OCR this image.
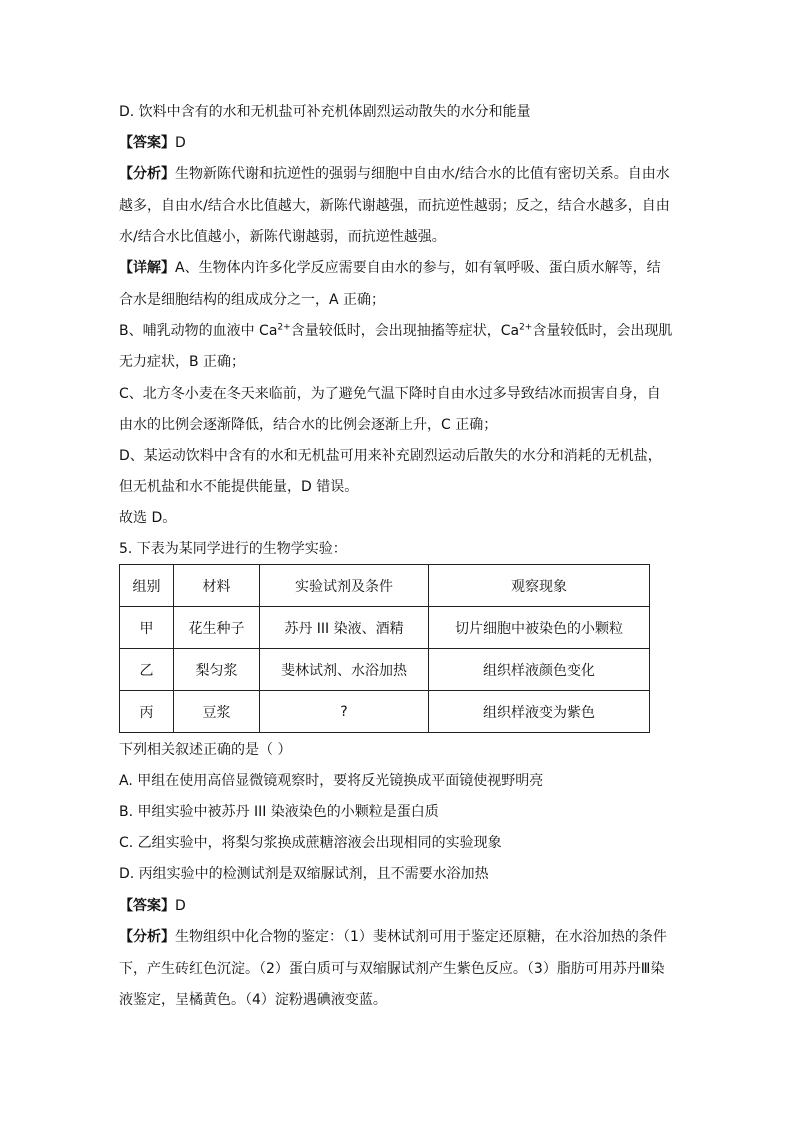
D. 饮料中含有的水和无机盐可补充机体剧烈运动散失的水分和能量
【答案】D
【分析】生物新陈代谢和抗逆性的强弱与细胞中自由水/结合水的比值有密切关系。自由水
越多，自由水/结合水比值越大，新陈代谢越强，而抗逆性越弱；反之，结合水越多，自由
水/结合水比值越小，新陈代谢越弱，而抗逆性越强。
【详解】A、生物体内许多化学反应需要自由水的参与，如有氧呼吸、蛋白质水解等，结
合水是细胞结构的组成成分之一，A 正确；
B、哺乳动物的血液中 $Ca^{2+}$含量较低时，会出现抽搐等症状，$Ca^{2+}$含量较低时，会出现肌
无力症状，B 正确；
C、北方冬小麦在冬天来临前，为了避免气温下降时自由水过多导致结冰而损害自身，自
由水的比例会逐渐降低，结合水的比例会逐渐上升，C 正确；
D、某运动饮料中含有的水和无机盐可用来补充剧烈运动后散失的水分和消耗的无机盐，
但无机盐和水不能提供能量，D 错误。
故选 D。
5. 下表为某同学进行的生物学实验：
组别	材料	实验试剂及条件	观察现象
甲	花生种子	苏丹 III 染液、酒精	切片细胞中被染色的小颗粒
乙	梨匀浆	斐林试剂、水浴加热	组织样液颜色变化
丙	豆浆	?	组织样液变为紫色
下列相关叙述正确的是（ ）
A. 甲组在使用高倍显微镜观察时，要将反光镜换成平面镜使视野明亮
B. 甲组实验中被苏丹 III 染液染色的小颗粒是蛋白质
C. 乙组实验中，将梨匀浆换成蔗糖溶液会出现相同的实验现象
D. 丙组实验中的检测试剂是双缩脲试剂，且不需要水浴加热
【答案】D
【分析】生物组织中化合物的鉴定：（1）斐林试剂可用于鉴定还原糖，在水浴加热的条件
下，产生砖红色沉淀。（2）蛋白质可与双缩脲试剂产生紫色反应。（3）脂肪可用苏丹Ⅲ染
液鉴定，呈橘黄色。（4）淀粉遇碘液变蓝。
